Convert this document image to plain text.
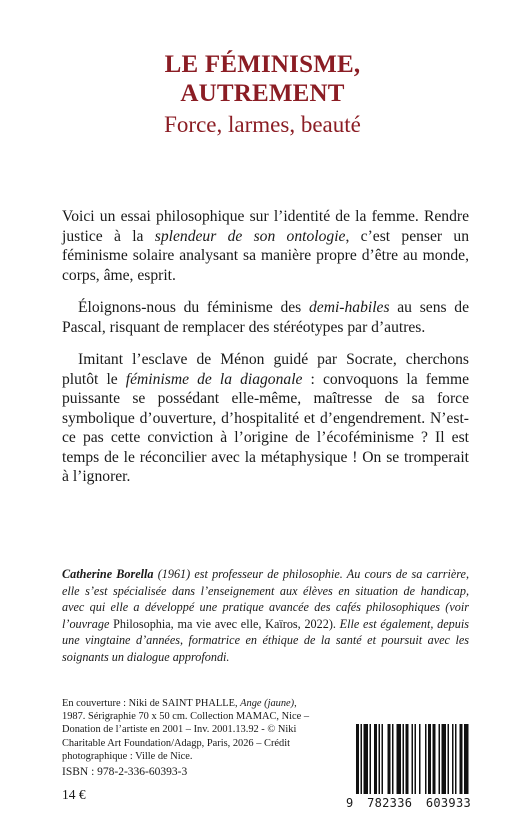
LE FÉMINISME,
AUTREMENT
Force, larmes, beauté

Voici un essai philosophique sur l’identité de la femme. Rendre justice à la splendeur de son ontologie, c’est penser un féminisme solaire analysant sa manière propre d’être au monde, corps, âme, esprit.

Éloignons-nous du féminisme des demi-habiles au sens de Pascal, risquant de remplacer des stéréotypes par d’autres.

Imitant l’esclave de Ménon guidé par Socrate, cherchons plutôt le féminisme de la diagonale : convoquons la femme puissante se possédant elle-même, maîtresse de sa force symbolique d’ouverture, d’hospitalité et d’engendrement. N’est-ce pas cette conviction à l’origine de l’écoféminisme ? Il est temps de le réconcilier avec la métaphysique ! On se tromperait à l’ignorer.

Catherine Borella (1961) est professeur de philosophie. Au cours de sa carrière, elle s’est spécialisée dans l’enseignement aux élèves en situation de handicap, avec qui elle a développé une pratique avancée des cafés philosophiques (voir l’ouvrage Philosophia, ma vie avec elle, Kaïros, 2022). Elle est également, depuis une vingtaine d’années, formatrice en éthique de la santé et poursuit avec les soignants un dialogue approfondi.
En couverture : Niki de SAINT PHALLE, Ange (jaune), 1987. Sérigraphie 70 x 50 cm. Collection MAMAC, Nice – Donation de l’artiste en 2001 – Inv. 2001.13.92 - © Niki Charitable Art Foundation/Adagp, Paris, 2026 – Crédit photographique : Ville de Nice.
ISBN : 978-2-336-60393-3
14 €
9 782336 603933
